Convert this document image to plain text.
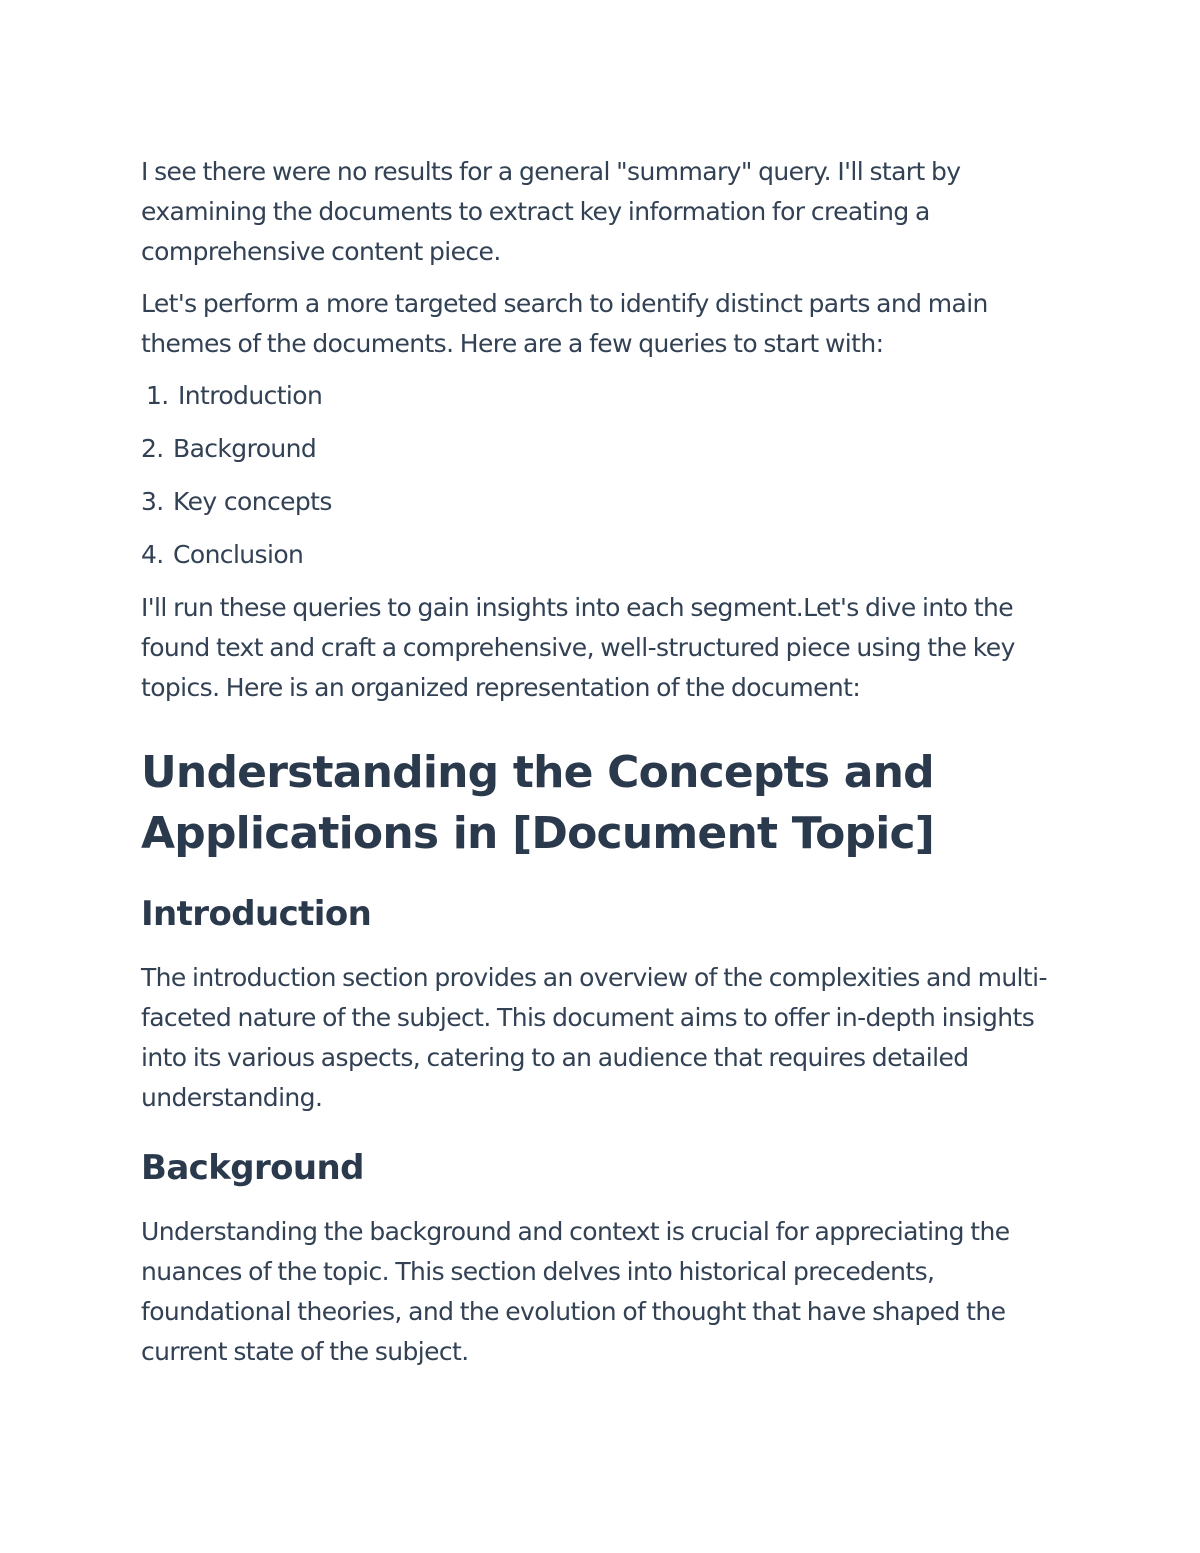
I see there were no results for a general "summary" query. I'll start by examining the documents to extract key information for creating a comprehensive content piece.

Let's perform a more targeted search to identify distinct parts and main themes of the documents. Here are a few queries to start with:

1. Introduction
2. Background
3. Key concepts
4. Conclusion

I'll run these queries to gain insights into each segment.Let's dive into the found text and craft a comprehensive, well-structured piece using the key topics. Here is an organized representation of the document:

Understanding the Concepts and Applications in [Document Topic]
Introduction

The introduction section provides an overview of the complexities and multi-faceted nature of the subject. This document aims to offer in-depth insights into its various aspects, catering to an audience that requires detailed understanding.

Background

Understanding the background and context is crucial for appreciating the nuances of the topic. This section delves into historical precedents, foundational theories, and the evolution of thought that have shaped the current state of the subject.
